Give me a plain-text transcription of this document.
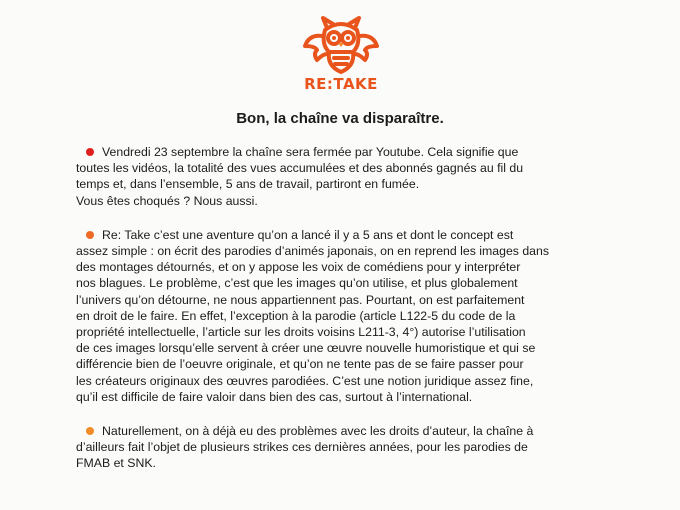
RE:TAKE
Bon, la chaîne va disparaître.
Vendredi 23 septembre la chaîne sera fermée par Youtube. Cela signifie que
toutes les vidéos, la totalité des vues accumulées et des abonnés gagnés au fil du
temps et, dans l’ensemble, 5 ans de travail, partiront en fumée.
Vous êtes choqués ? Nous aussi.
Re: Take c’est une aventure qu’on a lancé il y a 5 ans et dont le concept est
assez simple : on écrit des parodies d’animés japonais, on en reprend les images dans
des montages détournés, et on y appose les voix de comédiens pour y interpréter
nos blagues. Le problème, c’est que les images qu’on utilise, et plus globalement
l’univers qu’on détourne, ne nous appartiennent pas. Pourtant, on est parfaitement
en droit de le faire. En effet, l’exception à la parodie (article L122-5 du code de la
propriété intellectuelle, l’article sur les droits voisins L211-3, 4°) autorise l’utilisation
de ces images lorsqu’elle servent à créer une œuvre nouvelle humoristique et qui se
différencie bien de l’oeuvre originale, et qu’on ne tente pas de se faire passer pour
les créateurs originaux des œuvres parodiées. C’est une notion juridique assez fine,
qu’il est difficile de faire valoir dans bien des cas, surtout à l’international.
Naturellement, on à déjà eu des problèmes avec les droits d’auteur, la chaîne à
d’ailleurs fait l’objet de plusieurs strikes ces dernières années, pour les parodies de
FMAB et SNK.
